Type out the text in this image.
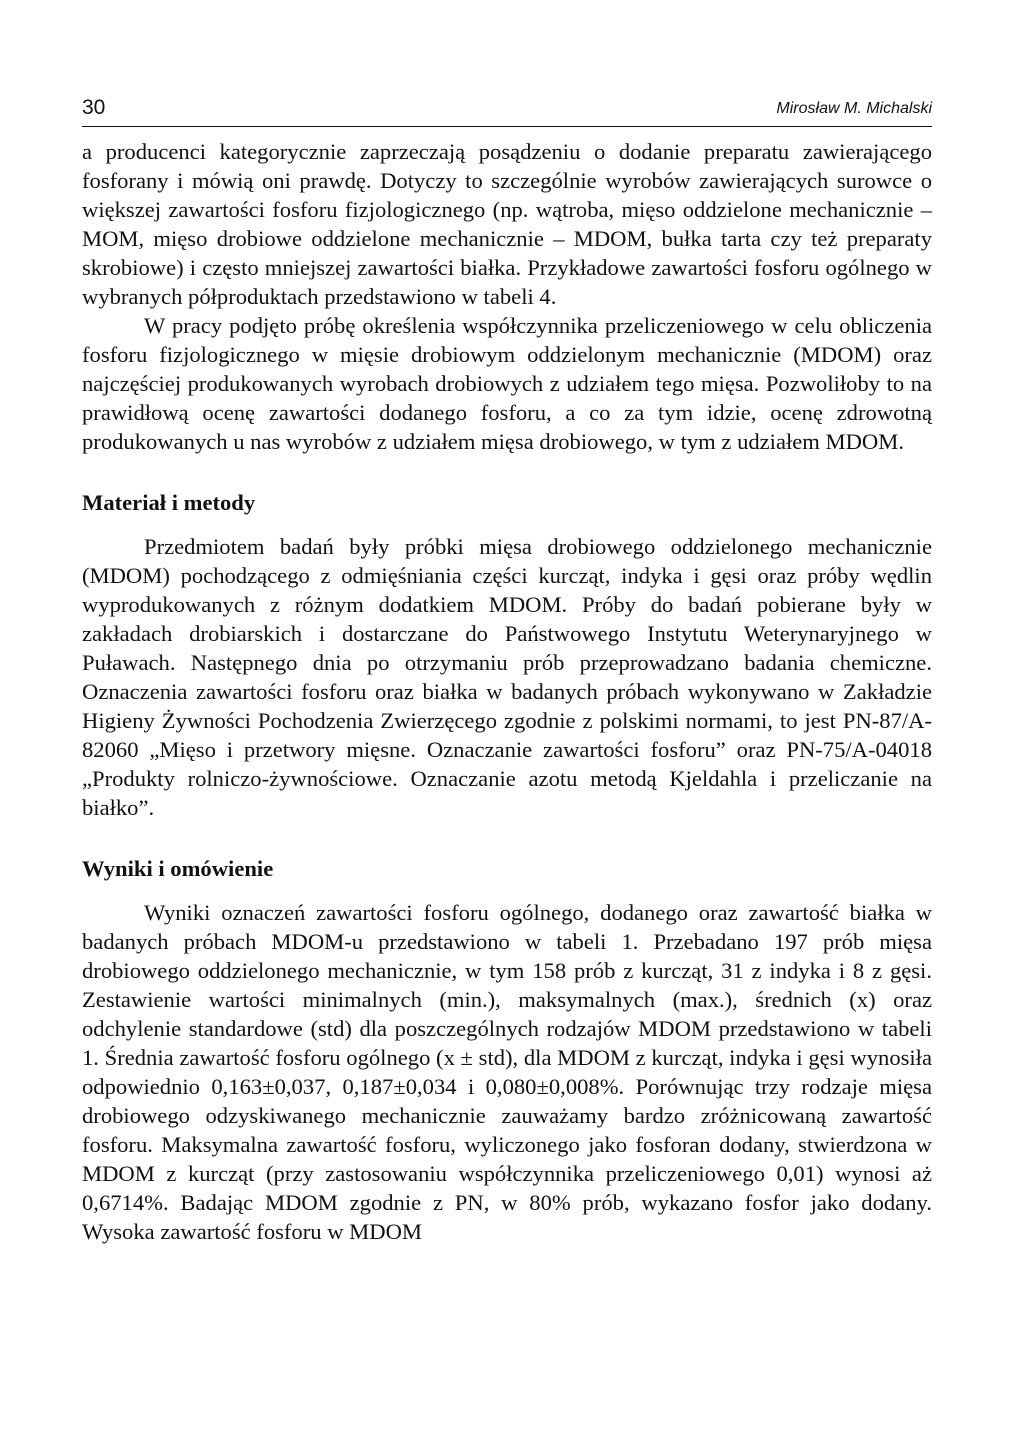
30	Mirosław M. Michalski

a producenci kategorycznie zaprzeczają posądzeniu o dodanie preparatu zawierającego fosforany i mówią oni prawdę. Dotyczy to szczególnie wyrobów zawierających surowce o większej zawartości fosforu fizjologicznego (np. wątroba, mięso oddzielone mechanicznie – MOM, mięso drobiowe oddzielone mechanicznie – MDOM, bułka tarta czy też preparaty skrobiowe) i często mniejszej zawartości białka. Przykładowe zawartości fosforu ogólnego w wybranych półproduktach przedstawiono w tabeli 4.

W pracy podjęto próbę określenia współczynnika przeliczeniowego w celu obliczenia fosforu fizjologicznego w mięsie drobiowym oddzielonym mechanicznie (MDOM) oraz najczęściej produkowanych wyrobach drobiowych z udziałem tego mięsa. Pozwoliłoby to na prawidłową ocenę zawartości dodanego fosforu, a co za tym idzie, ocenę zdrowotną produkowanych u nas wyrobów z udziałem mięsa drobiowego, w tym z udziałem MDOM.

Materiał i metody

Przedmiotem badań były próbki mięsa drobiowego oddzielonego mechanicznie (MDOM) pochodzącego z odmięśniania części kurcząt, indyka i gęsi oraz próby wędlin wyprodukowanych z różnym dodatkiem MDOM. Próby do badań pobierane były w zakładach drobiarskich i dostarczane do Państwowego Instytutu Weterynaryjnego w Puławach. Następnego dnia po otrzymaniu prób przeprowadzano badania chemiczne. Oznaczenia zawartości fosforu oraz białka w badanych próbach wykonywano w Zakładzie Higieny Żywności Pochodzenia Zwierzęcego zgodnie z polskimi normami, to jest PN-87/A-82060 „Mięso i przetwory mięsne. Oznaczanie zawartości fosforu” oraz PN-75/A-04018 „Produkty rolniczo-żywnościowe. Oznaczanie azotu metodą Kjeldahla i przeliczanie na białko”.

Wyniki i omówienie

Wyniki oznaczeń zawartości fosforu ogólnego, dodanego oraz zawartość białka w badanych próbach MDOM-u przedstawiono w tabeli 1. Przebadano 197 prób mięsa drobiowego oddzielonego mechanicznie, w tym 158 prób z kurcząt, 31 z indyka i 8 z gęsi. Zestawienie wartości minimalnych (min.), maksymalnych (max.), średnich (x) oraz odchylenie standardowe (std) dla poszczególnych rodzajów MDOM przedstawiono w tabeli 1. Średnia zawartość fosforu ogólnego (x ± std), dla MDOM z kurcząt, indyka i gęsi wynosiła odpowiednio 0,163±0,037, 0,187±0,034 i 0,080±0,008%. Porównując trzy rodzaje mięsa drobiowego odzyskiwanego mechanicznie zauważamy bardzo zróżnicowaną zawartość fosforu. Maksymalna zawartość fosforu, wyliczonego jako fosforan dodany, stwierdzona w MDOM z kurcząt (przy zastosowaniu współczynnika przeliczeniowego 0,01) wynosi aż 0,6714%. Badając MDOM zgodnie z PN, w 80% prób, wykazano fosfor jako dodany. Wysoka zawartość fosforu w MDOM
